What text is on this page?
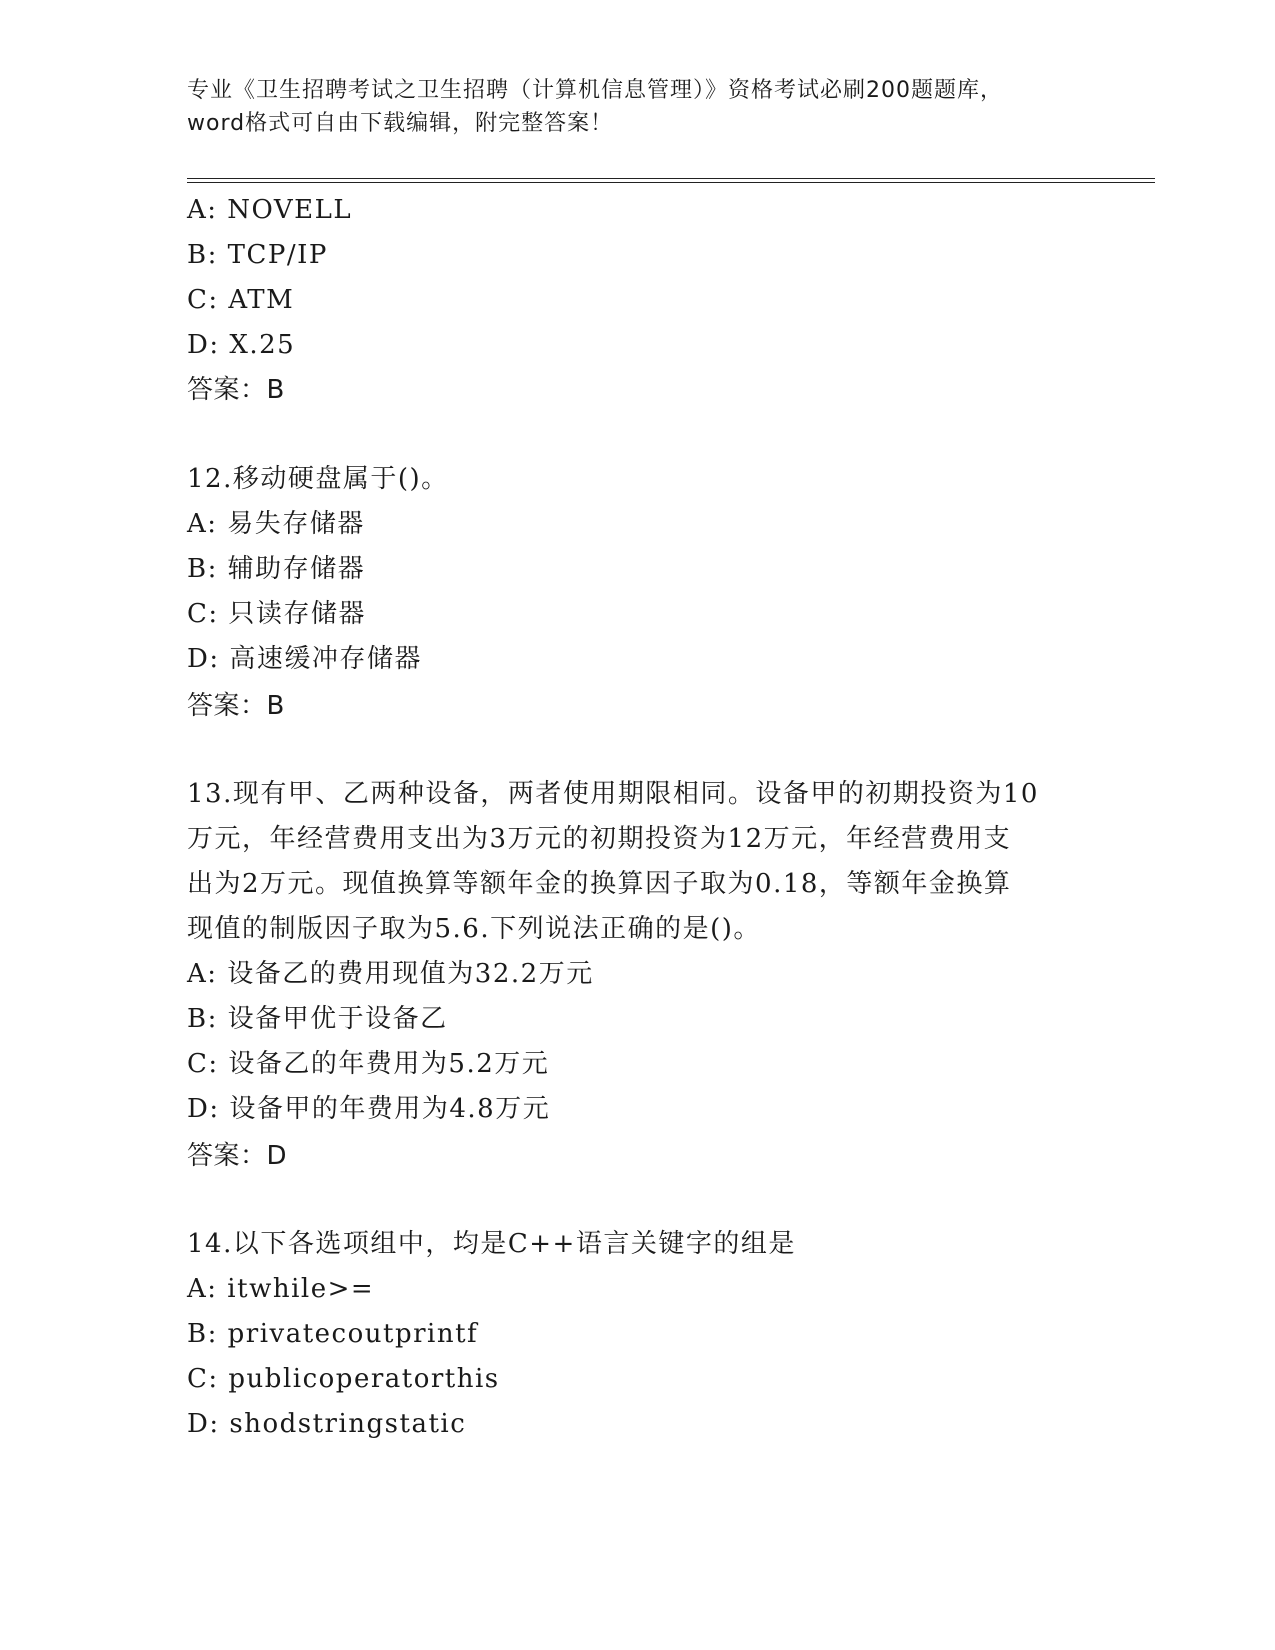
专业《卫生招聘考试之卫生招聘（计算机信息管理）》资格考试必刷200题题库，
word格式可自由下载编辑，附完整答案！
A: NOVELL
B: TCP/IP
C: ATM
D: X.25
答案：B
12.移动硬盘属于()。
A: 易失存储器
B: 辅助存储器
C: 只读存储器
D: 高速缓冲存储器
答案：B
13.现有甲、乙两种设备，两者使用期限相同。设备甲的初期投资为10
万元，年经营费用支出为3万元的初期投资为12万元，年经营费用支
出为2万元。现值换算等额年金的换算因子取为0.18，等额年金换算
现值的制版因子取为5.6.下列说法正确的是()。
A: 设备乙的费用现值为32.2万元
B: 设备甲优于设备乙
C: 设备乙的年费用为5.2万元
D: 设备甲的年费用为4.8万元
答案：D
14.以下各选项组中，均是C++语言关键字的组是
A: itwhile>=
B: privatecoutprintf
C: publicoperatorthis
D: shodstringstatic
